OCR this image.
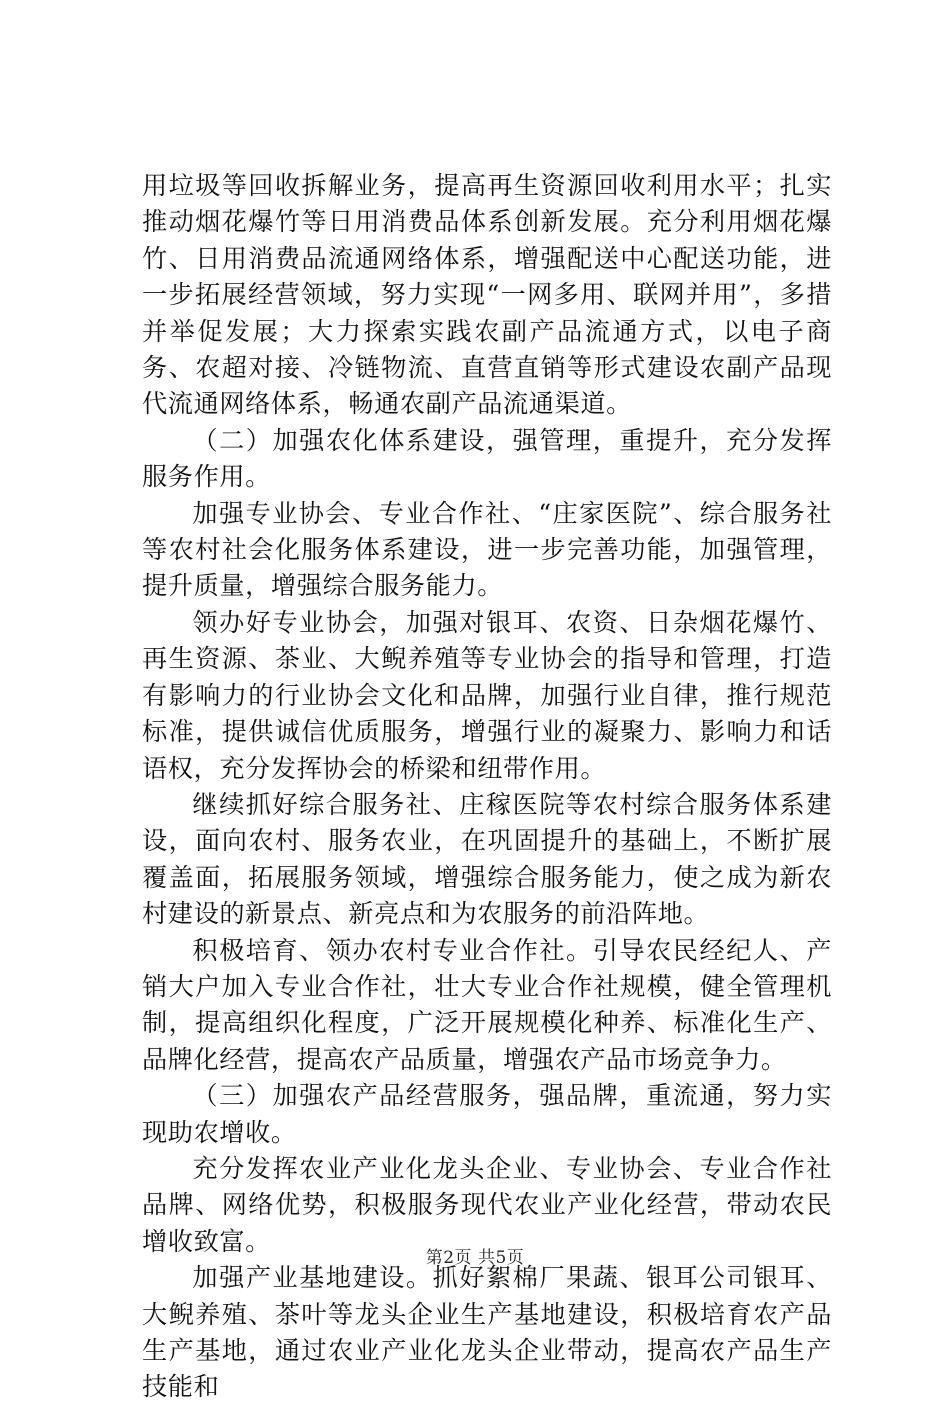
用垃圾等回收拆解业务，提高再生资源回收利用水平；扎实推动烟花爆竹等日用消费品体系创新发展。充分利用烟花爆竹、日用消费品流通网络体系，增强配送中心配送功能，进一步拓展经营领域，努力实现“一网多用、联网并用”，多措并举促发展；大力探索实践农副产品流通方式，以电子商务、农超对接、冷链物流、直营直销等形式建设农副产品现代流通网络体系，畅通农副产品流通渠道。

（二）加强农化体系建设，强管理，重提升，充分发挥服务作用。

加强专业协会、专业合作社、“庄家医院”、综合服务社等农村社会化服务体系建设，进一步完善功能，加强管理，提升质量，增强综合服务能力。

领办好专业协会，加强对银耳、农资、日杂烟花爆竹、再生资源、茶业、大鲵养殖等专业协会的指导和管理，打造有影响力的行业协会文化和品牌，加强行业自律，推行规范标准，提供诚信优质服务，增强行业的凝聚力、影响力和话语权，充分发挥协会的桥梁和纽带作用。

继续抓好综合服务社、庄稼医院等农村综合服务体系建设，面向农村、服务农业，在巩固提升的基础上，不断扩展覆盖面，拓展服务领域，增强综合服务能力，使之成为新农村建设的新景点、新亮点和为农服务的前沿阵地。

积极培育、领办农村专业合作社。引导农民经纪人、产销大户加入专业合作社，壮大专业合作社规模，健全管理机制，提高组织化程度，广泛开展规模化种养、标准化生产、品牌化经营，提高农产品质量，增强农产品市场竞争力。

（三）加强农产品经营服务，强品牌，重流通，努力实现助农增收。

充分发挥农业产业化龙头企业、专业协会、专业合作社品牌、网络优势，积极服务现代农业产业化经营，带动农民增收致富。

加强产业基地建设。抓好絮棉厂果蔬、银耳公司银耳、大鲵养殖、茶叶等龙头企业生产基地建设，积极培育农产品生产基地，通过农业产业化龙头企业带动，提高农产品生产技能和

第2页 共5页
